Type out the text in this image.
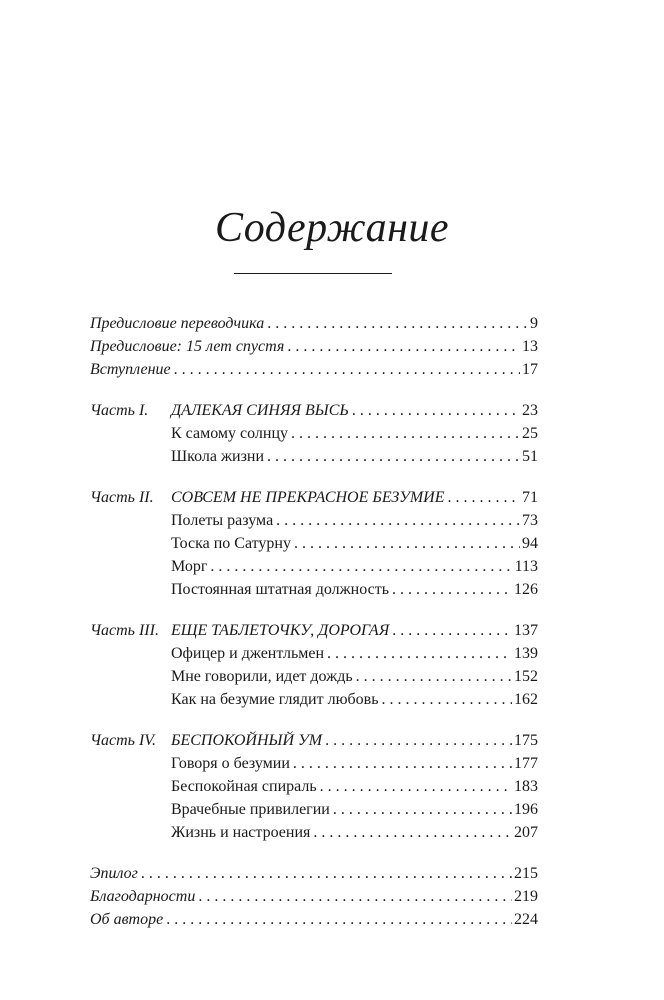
Содержание
Предисловие переводчика . . .	9
Предисловие: 15 лет спустя . . .	13
Вступление . . .	17
Часть I. ДАЛЕКАЯ СИНЯЯ ВЫСЬ . . .	23
К самому солнцу . . .	25
Школа жизни . . .	51
Часть II. СОВСЕМ НЕ ПРЕКРАСНОЕ БЕЗУМИЕ . . .	71
Полеты разума . . .	73
Тоска по Сатурну . . .	94
Морг . . .	113
Постоянная штатная должность . . .	126
Часть III. ЕЩЕ ТАБЛЕТОЧКУ, ДОРОГАЯ . . .	137
Офицер и джентльмен . . .	139
Мне говорили, идет дождь . . .	152
Как на безумие глядит любовь . . .	162
Часть IV. БЕСПОКОЙНЫЙ УМ . . .	175
Говоря о безумии . . .	177
Беспокойная спираль . . .	183
Врачебные привилегии . . .	196
Жизнь и настроения . . .	207
Эпилог . . .	215
Благодарности . . .	219
Об авторе . . .	224
